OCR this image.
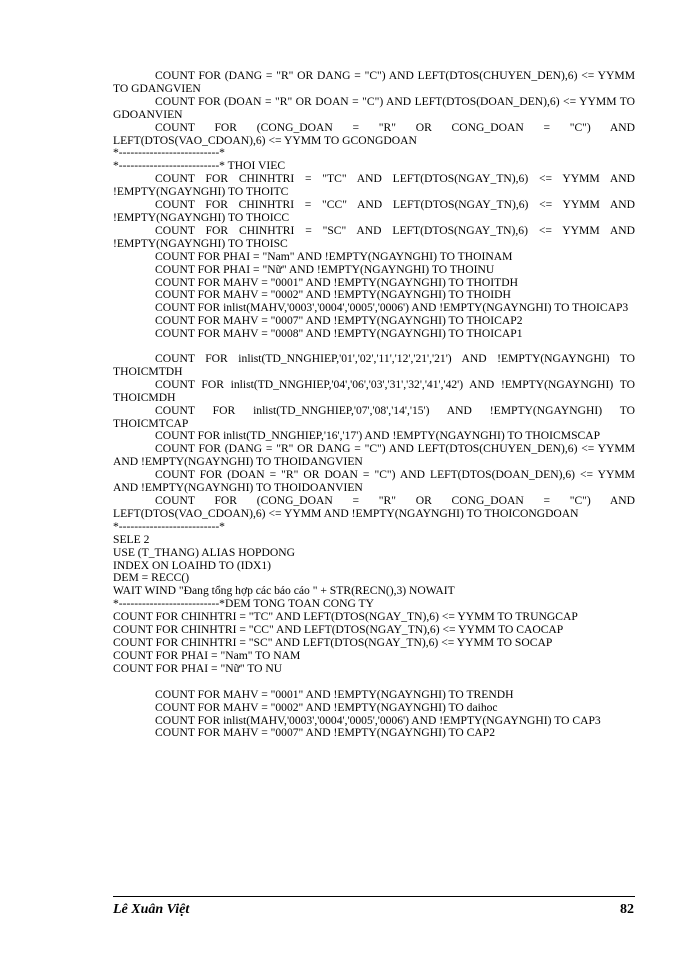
COUNT FOR (DANG = "R" OR DANG = "C") AND LEFT(DTOS(CHUYEN_DEN),6) <= YYMM TO GDANGVIEN
COUNT FOR (DOAN = "R" OR DOAN = "C") AND LEFT(DTOS(DOAN_DEN),6) <= YYMM TO GDOANVIEN
COUNT FOR (CONG_DOAN = "R" OR CONG_DOAN = "C") AND LEFT(DTOS(VAO_CDOAN),6) <= YYMM TO GCONGDOAN
*--------------------------*
*--------------------------* THOI VIEC
COUNT FOR CHINHTRI = "TC" AND LEFT(DTOS(NGAY_TN),6) <= YYMM AND !EMPTY(NGAYNGHI) TO THOITC
COUNT FOR CHINHTRI = "CC" AND LEFT(DTOS(NGAY_TN),6) <= YYMM AND !EMPTY(NGAYNGHI) TO THOICC
COUNT FOR CHINHTRI = "SC" AND LEFT(DTOS(NGAY_TN),6) <= YYMM AND !EMPTY(NGAYNGHI) TO THOISC
COUNT FOR PHAI = "Nam" AND !EMPTY(NGAYNGHI) TO THOINAM
COUNT FOR PHAI = "Nữ" AND !EMPTY(NGAYNGHI) TO THOINU
COUNT FOR MAHV = "0001" AND !EMPTY(NGAYNGHI) TO THOITDH
COUNT FOR MAHV = "0002" AND !EMPTY(NGAYNGHI) TO THOIDH
COUNT FOR inlist(MAHV,'0003','0004','0005','0006') AND !EMPTY(NGAYNGHI) TO THOICAP3
COUNT FOR MAHV = "0007" AND !EMPTY(NGAYNGHI) TO THOICAP2
COUNT FOR MAHV = "0008" AND !EMPTY(NGAYNGHI) TO THOICAP1
COUNT FOR inlist(TD_NNGHIEP,'01','02','11','12','21','21') AND !EMPTY(NGAYNGHI) TO THOICMTDH
COUNT FOR inlist(TD_NNGHIEP,'04','06','03','31','32','41','42') AND !EMPTY(NGAYNGHI) TO THOICMDH
COUNT FOR inlist(TD_NNGHIEP,'07','08','14','15') AND !EMPTY(NGAYNGHI) TO THOICMTCAP
COUNT FOR inlist(TD_NNGHIEP,'16','17') AND !EMPTY(NGAYNGHI) TO THOICMSCAP
COUNT FOR (DANG = "R" OR DANG = "C") AND LEFT(DTOS(CHUYEN_DEN),6) <= YYMM AND !EMPTY(NGAYNGHI) TO THOIDANGVIEN
COUNT FOR (DOAN = "R" OR DOAN = "C") AND LEFT(DTOS(DOAN_DEN),6) <= YYMM AND !EMPTY(NGAYNGHI) TO THOIDOANVIEN
COUNT FOR (CONG_DOAN = "R" OR CONG_DOAN = "C") AND LEFT(DTOS(VAO_CDOAN),6) <= YYMM AND !EMPTY(NGAYNGHI) TO THOICONGDOAN
*--------------------------*
SELE 2
USE (T_THANG) ALIAS HOPDONG
INDEX ON LOAIHD TO (IDX1)
DEM = RECC()
WAIT WIND "Đang tổng hợp các báo cáo " + STR(RECN(),3) NOWAIT
*--------------------------*DEM TONG TOAN CONG TY
COUNT FOR CHINHTRI = "TC" AND LEFT(DTOS(NGAY_TN),6) <= YYMM TO TRUNGCAP
COUNT FOR CHINHTRI = "CC" AND LEFT(DTOS(NGAY_TN),6) <= YYMM TO CAOCAP
COUNT FOR CHINHTRI = "SC" AND LEFT(DTOS(NGAY_TN),6) <= YYMM TO SOCAP
COUNT FOR PHAI = "Nam" TO NAM
COUNT FOR PHAI = "Nữ" TO NU
COUNT FOR MAHV = "0001" AND !EMPTY(NGAYNGHI) TO TRENDH
COUNT FOR MAHV = "0002" AND !EMPTY(NGAYNGHI) TO daihoc
COUNT FOR inlist(MAHV,'0003','0004','0005','0006') AND !EMPTY(NGAYNGHI) TO CAP3
COUNT FOR MAHV = "0007" AND !EMPTY(NGAYNGHI) TO CAP2
Lê Xuân Việt	82
